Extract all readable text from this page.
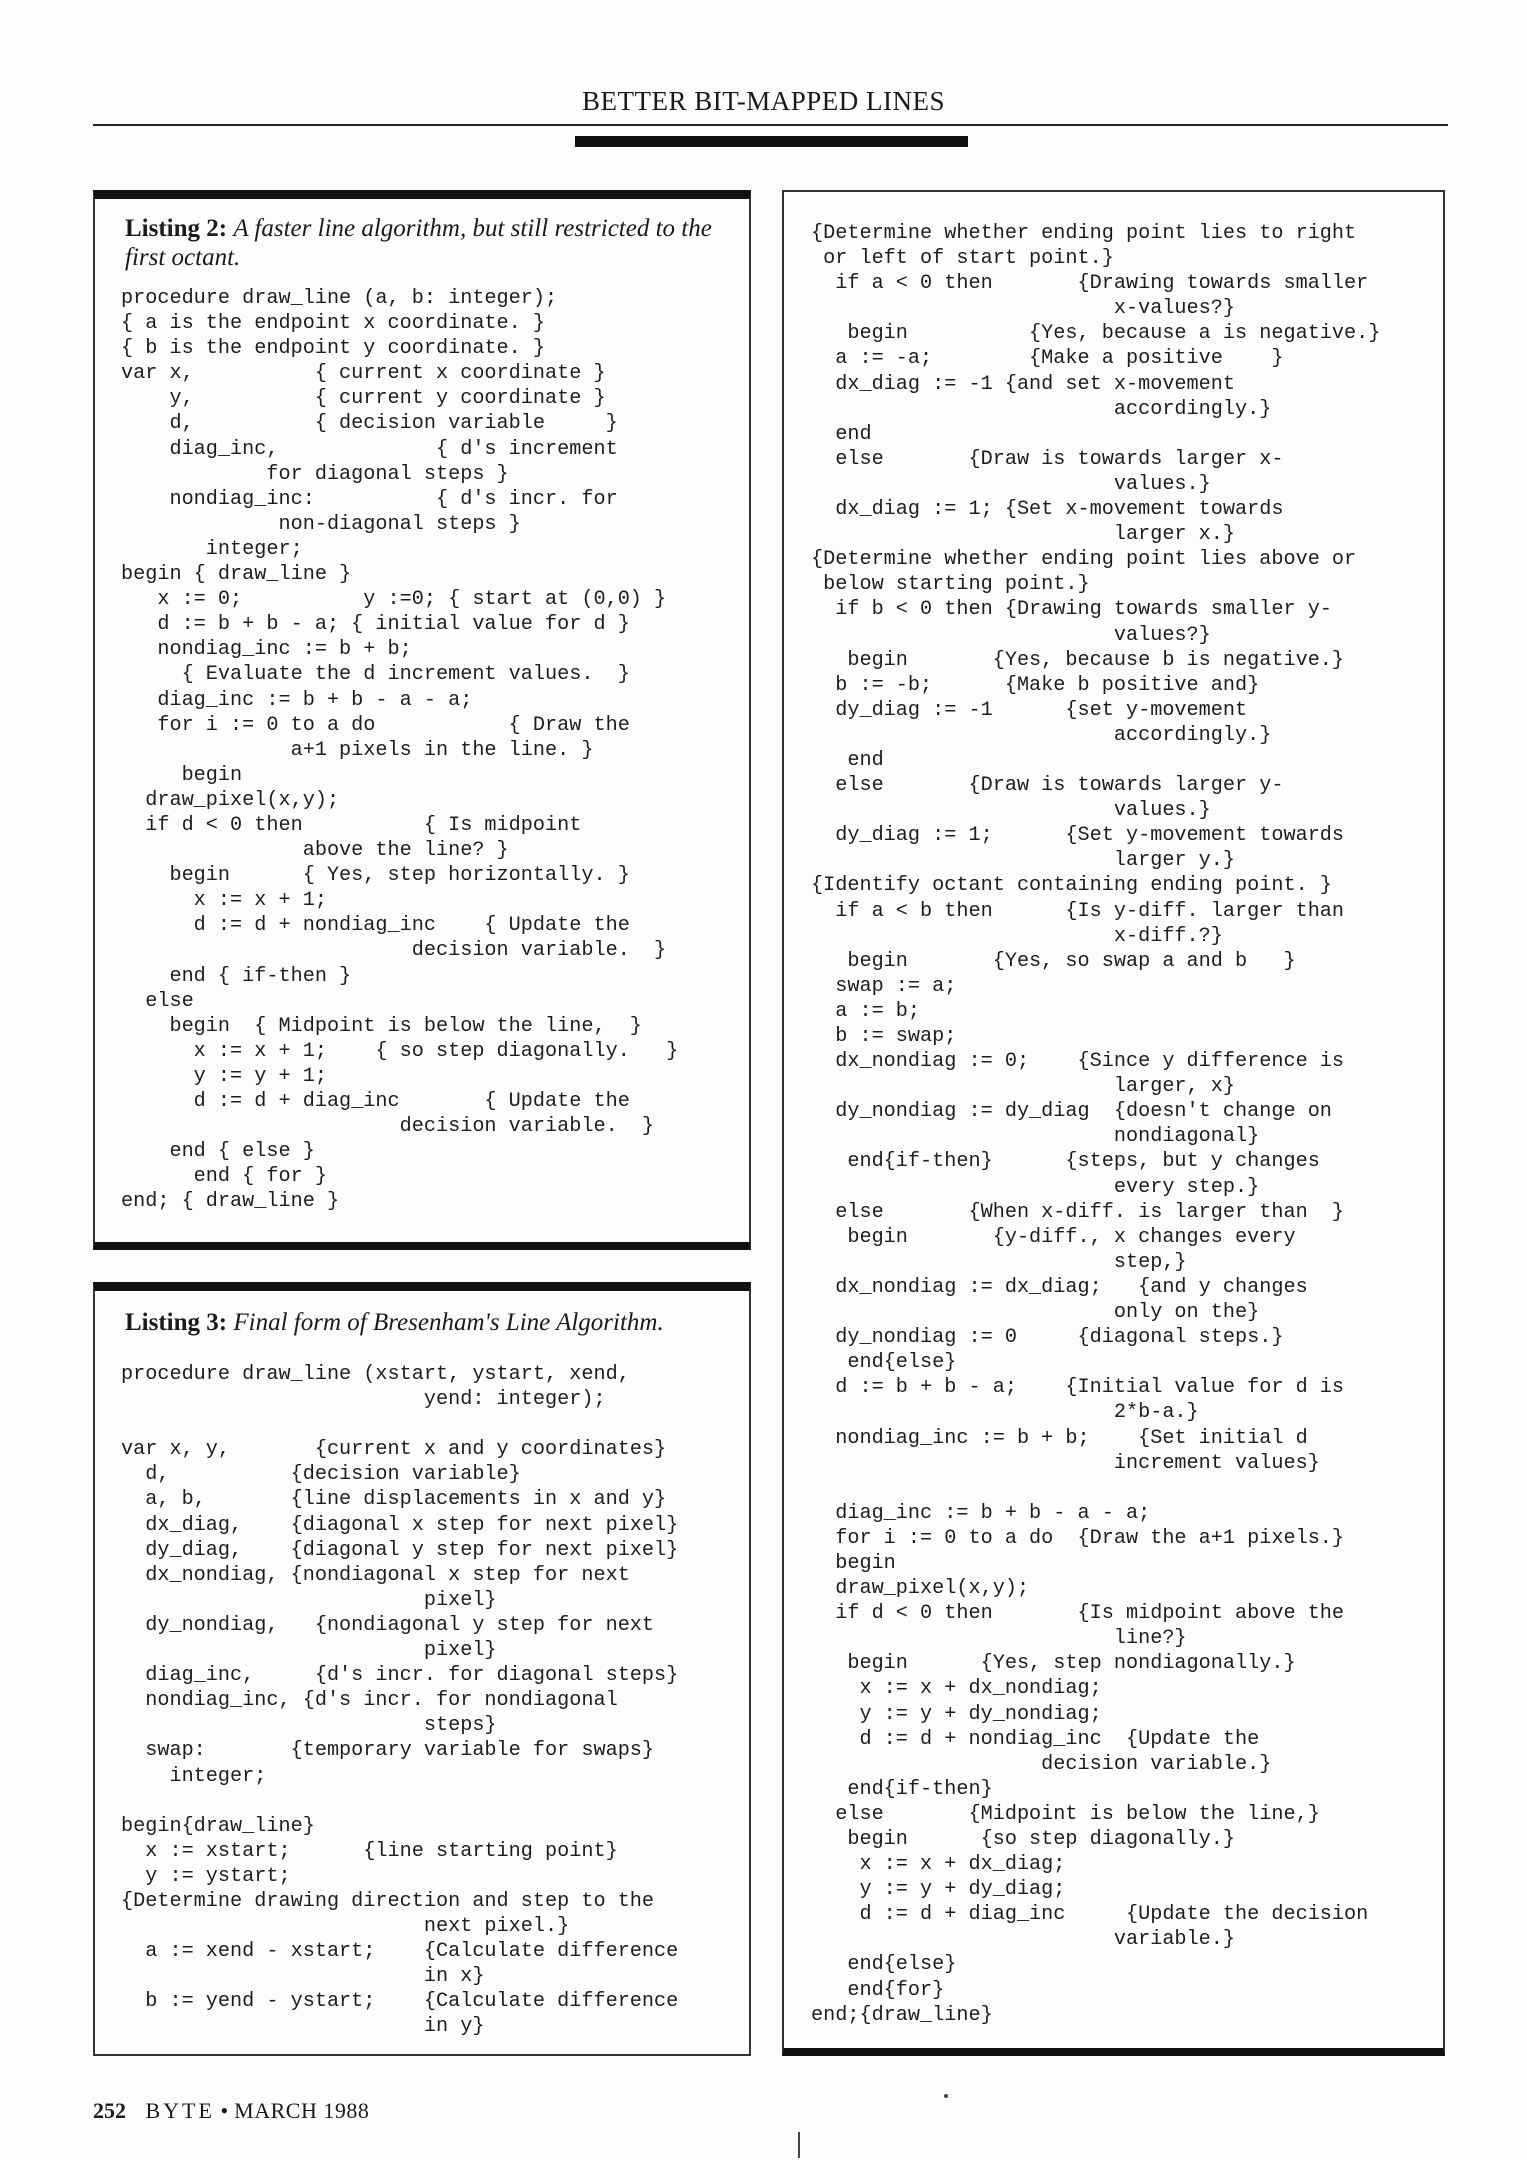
BETTER BIT-MAPPED LINES
Listing 2: A faster line algorithm, but still restricted to the first octant.
procedure draw_line (a, b: integer);
{ a is the endpoint x coordinate. }
{ b is the endpoint y coordinate. }
var x,          { current x coordinate }
y,          { current y coordinate }
d,          { decision variable     }
diag_inc,             { d's increment
for diagonal steps }
nondiag_inc:          { d's incr. for
non-diagonal steps }
integer;
begin { draw_line }
x := 0;          y :=0; { start at (0,0) }
d := b + b - a; { initial value for d }
nondiag_inc := b + b;
{ Evaluate the d increment values.  }
diag_inc := b + b - a - a;
for i := 0 to a do           { Draw the
a+1 pixels in the line. }
begin
draw_pixel(x,y);
if d < 0 then          { Is midpoint
above the line? }
begin      { Yes, step horizontally. }
x := x + 1;
d := d + nondiag_inc    { Update the
decision variable.  }
end { if-then }
else
begin  { Midpoint is below the line,  }
x := x + 1;    { so step diagonally.   }
y := y + 1;
d := d + diag_inc       { Update the
decision variable.  }
end { else }
end { for }
end; { draw_line }
Listing 3: Final form of Bresenham's Line Algorithm.
procedure draw_line (xstart, ystart, xend,
yend: integer);

var x, y,       {current x and y coordinates}
d,          {decision variable}
a, b,       {line displacements in x and y}
dx_diag,    {diagonal x step for next pixel}
dy_diag,    {diagonal y step for next pixel}
dx_nondiag, {nondiagonal x step for next
pixel}
dy_nondiag,   {nondiagonal y step for next
pixel}
diag_inc,     {d's incr. for diagonal steps}
nondiag_inc, {d's incr. for nondiagonal
steps}
swap:       {temporary variable for swaps}
integer;

begin{draw_line}
x := xstart;      {line starting point}
y := ystart;
{Determine drawing direction and step to the
next pixel.}
a := xend - xstart;    {Calculate difference
in x}
b := yend - ystart;    {Calculate difference
in y}
{Determine whether ending point lies to right
or left of start point.}
if a < 0 then       {Drawing towards smaller
x-values?}
begin          {Yes, because a is negative.}
a := -a;        {Make a positive    }
dx_diag := -1 {and set x-movement
accordingly.}
end
else       {Draw is towards larger x-
values.}
dx_diag := 1; {Set x-movement towards
larger x.}
{Determine whether ending point lies above or
below starting point.}
if b < 0 then {Drawing towards smaller y-
values?}
begin       {Yes, because b is negative.}
b := -b;      {Make b positive and}
dy_diag := -1      {set y-movement
accordingly.}
end
else       {Draw is towards larger y-
values.}
dy_diag := 1;      {Set y-movement towards
larger y.}
{Identify octant containing ending point. }
if a < b then      {Is y-diff. larger than
x-diff.?}
begin       {Yes, so swap a and b   }
swap := a;
a := b;
b := swap;
dx_nondiag := 0;    {Since y difference is
larger, x}
dy_nondiag := dy_diag  {doesn't change on
nondiagonal}
end{if-then}      {steps, but y changes
every step.}
else       {When x-diff. is larger than  }
begin       {y-diff., x changes every
step,}
dx_nondiag := dx_diag;   {and y changes
only on the}
dy_nondiag := 0     {diagonal steps.}
end{else}
d := b + b - a;    {Initial value for d is
2*b-a.}
nondiag_inc := b + b;    {Set initial d
increment values}

diag_inc := b + b - a - a;
for i := 0 to a do  {Draw the a+1 pixels.}
begin
draw_pixel(x,y);
if d < 0 then       {Is midpoint above the
line?}
begin      {Yes, step nondiagonally.}
x := x + dx_nondiag;
y := y + dy_nondiag;
d := d + nondiag_inc  {Update the
decision variable.}
end{if-then}
else       {Midpoint is below the line,}
begin      {so step diagonally.}
x := x + dx_diag;
y := y + dy_diag;
d := d + diag_inc     {Update the decision
variable.}
end{else}
end{for}
end;{draw_line}
252 BYTE • MARCH 1988
